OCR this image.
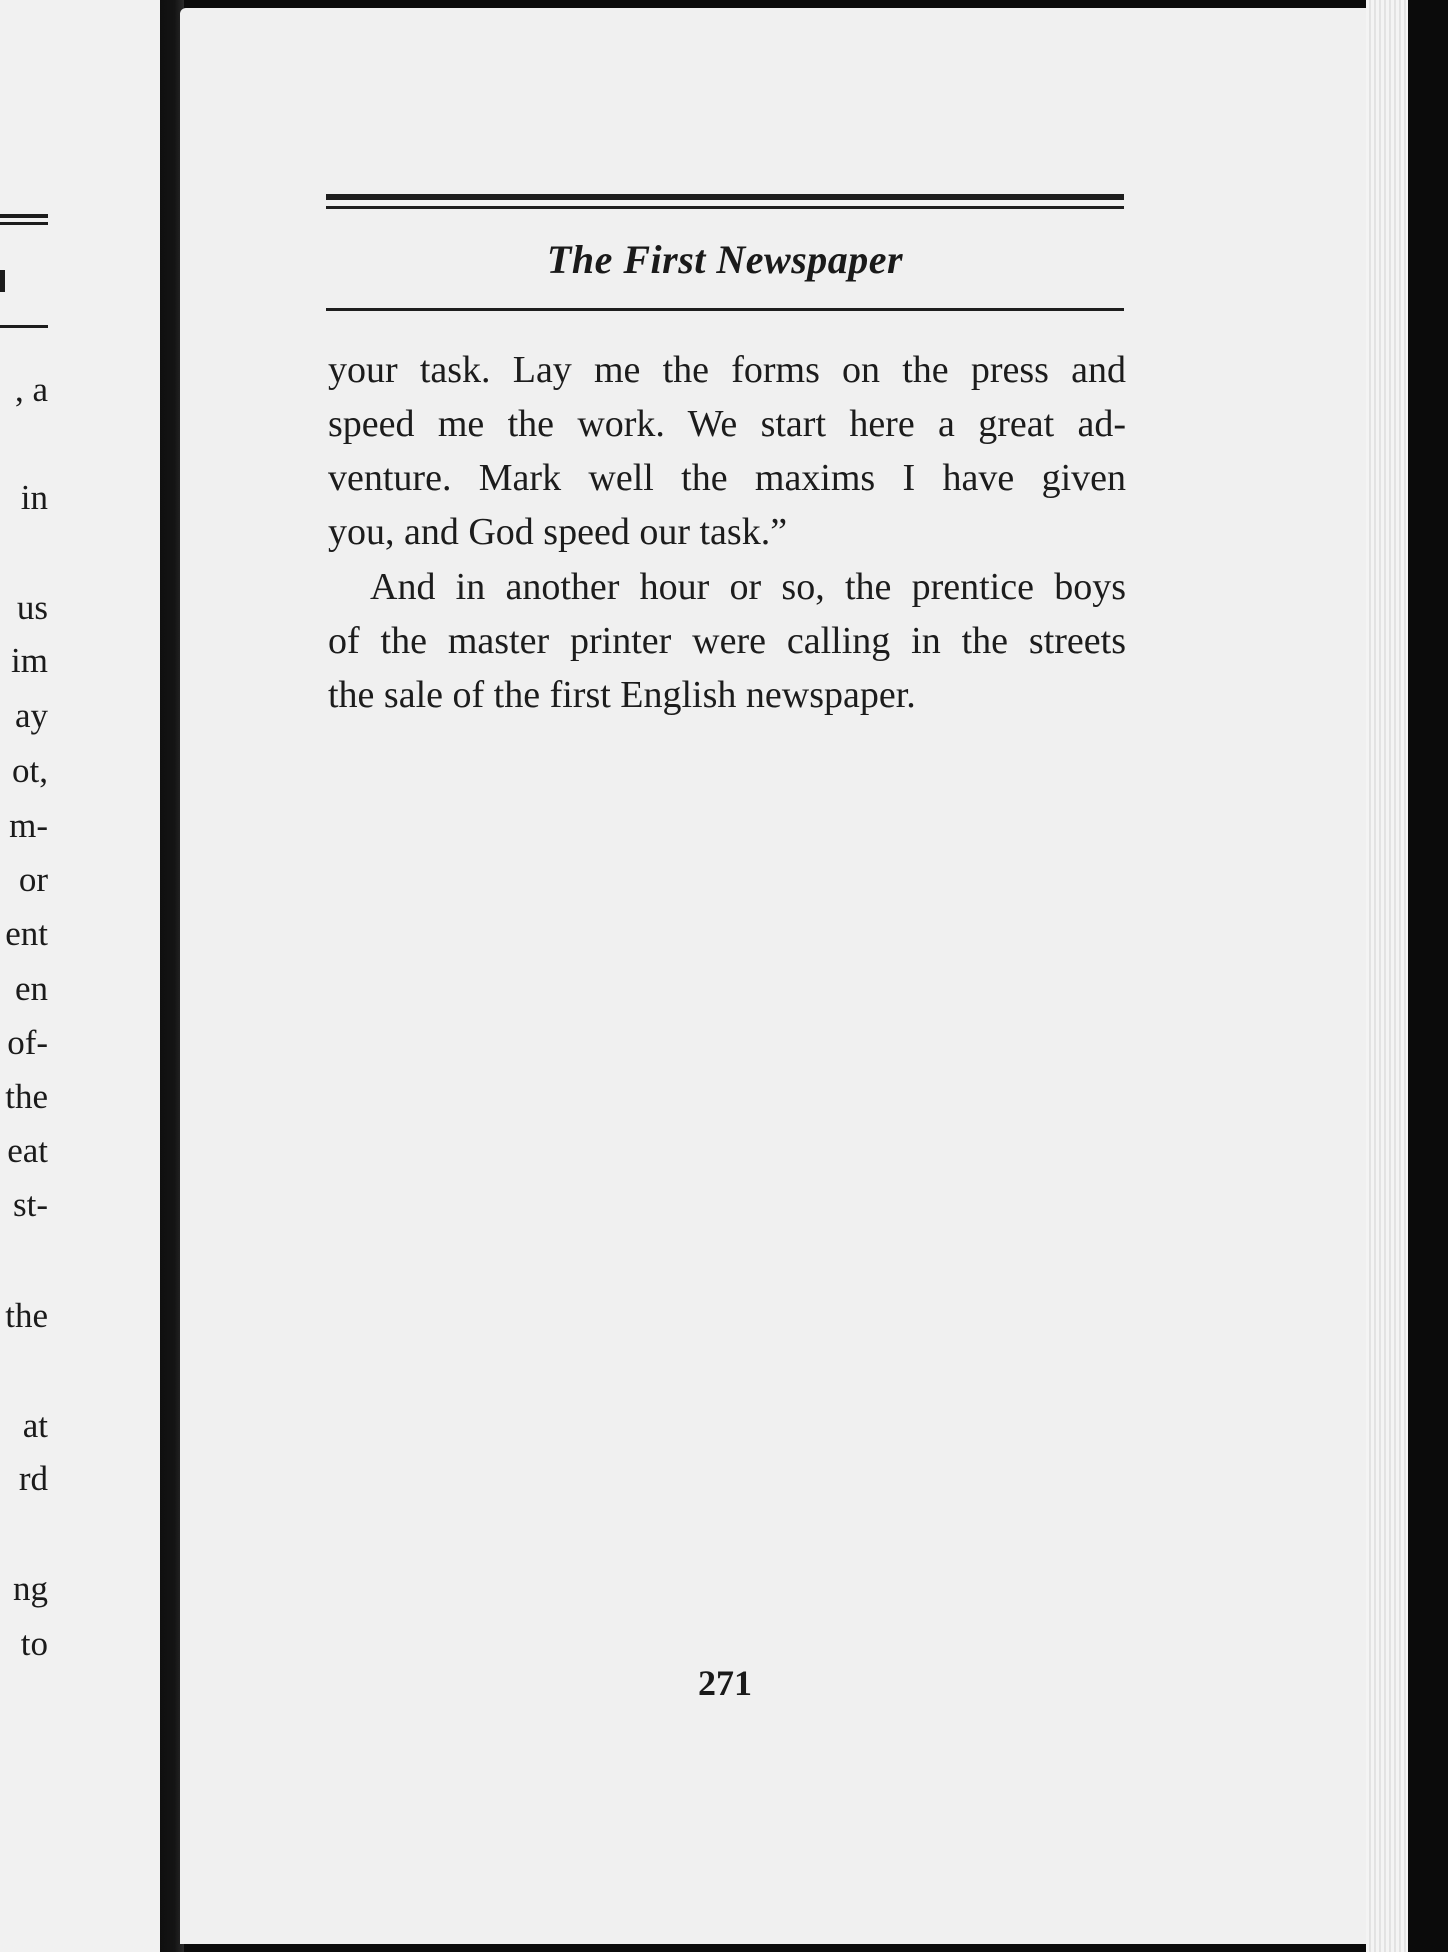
, a
in
us
im
ay
ot,
m-
or
ent
en
of-
the
eat
st-
the
at
rd
ng
to
The First Newspaper
your task. Lay me the forms on the press and
speed me the work. We start here a great ad-
venture. Mark well the maxims I have given
you, and God speed our task.”
And in another hour or so, the prentice boys
of the master printer were calling in the streets
the sale of the first English newspaper.
271
